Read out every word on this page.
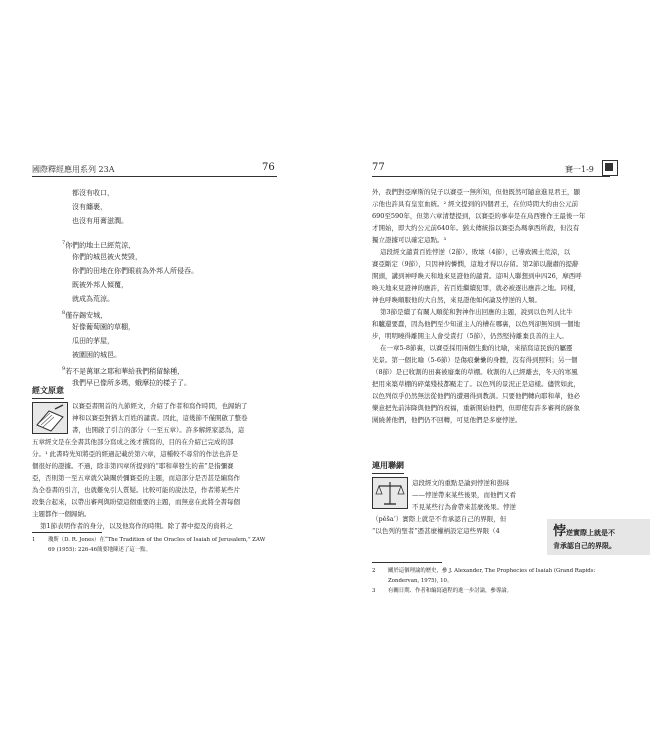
國際釋經應用系列 23A	76
都沒有收口，
沒有纏裹，
也沒有用膏滋潤。
$^7$你們的地土已經荒涼，
你們的城邑被火焚毀，
你們的田地在你們眼前為外邦人所侵吞。
既被外邦人傾覆，
就成為荒涼。
$^8$僅存錫安城，
好像葡萄園的草棚，
瓜田的茅屋，
被圍困的城邑。
$^9$若不是萬軍之耶和華給我們稍留餘種，
我們早已像所多瑪，蛾摩拉的樣子了。
經文原意

以賽亞書開首的九節經文，介紹了作者和寫作時間，也歸納了

神和以賽亞對猶太百姓的譴責。因此，這幾節不僅開啟了整卷

書，也開啟了引言的部分（一至五章）。許多解經家認為，這

五章經文是在全書其他部分寫成之後才撰寫的，目的在介紹已完成的部

分。¹ 此書時先知將亞的經過記載於第六章，這種較不尋常的作法也許是

個很好的證據。不過，除非第四章所提到的“耶和華發生的苗”是指彌賽

亞，否則第一至五章就欠缺關於彌賽亞的主題，而這部分是否甚是編寫作

為全卷書的引言，也就難免引人質疑。比較可能的說法是，作者將某些片

段集合起來，以帶出審判與盼望這個重要的主題，而無意在此將全書每個

主題都作一個歸納。

第1節表明作者的身分，以及他寫作的時期。除了書中提及的資料之

1 瓊斯（D. R. Jones）在“The Tradition of the Oracles of Isaiah of Jerusalem,” ZAW
69 (1955): 226-46簡要地陳述了這一點。
77	賽一1-9

外，我們對亞摩斯的兒子以賽亞一無所知，但他既然可隨意進見君王，顯

示他也許具有皇室血統。² 經文提到的四個君王，在位時間大約由公元前

690至590年，但第六章清楚提到，以賽亞的事奉是在烏西雅作王最後一年

才開始，即大約公元前640年。猶太傳統指以賽亞為瑪拿西所殺，但沒有

獨立證據可以確定這點。³

這段經文譴責百姓悖逆（2節）、敗壞（4節），已導致國土荒涼，以

賽亞斷定（9節），只因神的憐憫，這地才得以存留。第2節以嚴肅的提辭

開頭，講到神呼喚天和地來見證他的譴責。這叫人聯想到申四26，摩西呼

喚天地來見證神的應許，若百姓繼續犯罪，就必被逐出應許之地。同樣，

神也呼喚順服他的大自然，來見證他如何論及悖逆的人類。

第3節是續了有關人順從和對神作出回應的主題，說到以色列人比牛

和驢還要蠢，因為他們至少知道主人的槽在哪裏，以色列卻無知到一個地

步，明明曉得離開主人會受責打（5節），仍然堅持離棄良善的主人。

在一章5-8節裏，以賽亞採用兩個生動的比喻，來描寫這民族的屬靈

光景。第一個比喻（5-6節）是傷痕纍纍的身體，沒有得到照料；另一個

（8節）是已收割的田裏被廢棄的草棚。收割的人已經離去，冬天的寒風

把用來築草棚的碎葉殘枝都颳走了。以色列的景況正是這樣。儘管如此，

以色列似乎仍然無法從他們的遭遇得到教訓。只要他們轉向耶和華，他必

樂意把先前沛降與他們的祝福，重新開始他們，但即使有許多審判的跡象

圍繞著他們，他們仍不回轉，可見他們是多麼悖逆。

連用聯網

這段經文的重點是論到悖逆和愚昧

——悖逆帶來某些後果，而他們又看

不見某些行為會帶來甚麼後果。悖逆

（pěša‘）實際上就是不肯承認自己的界限，但

“以色列的聖者”憑甚麼權柄設定這些界限（4	悖逆實際上就是不
肯承認自己的界限。
2 關於這個理論的歷史，參 J. Alexander, The Prophecies of Isaiah (Grand Rapids:
Zondervan, 1975), 10。
3 有關日期、作者和編寫過程的進一步討論，參導論。
